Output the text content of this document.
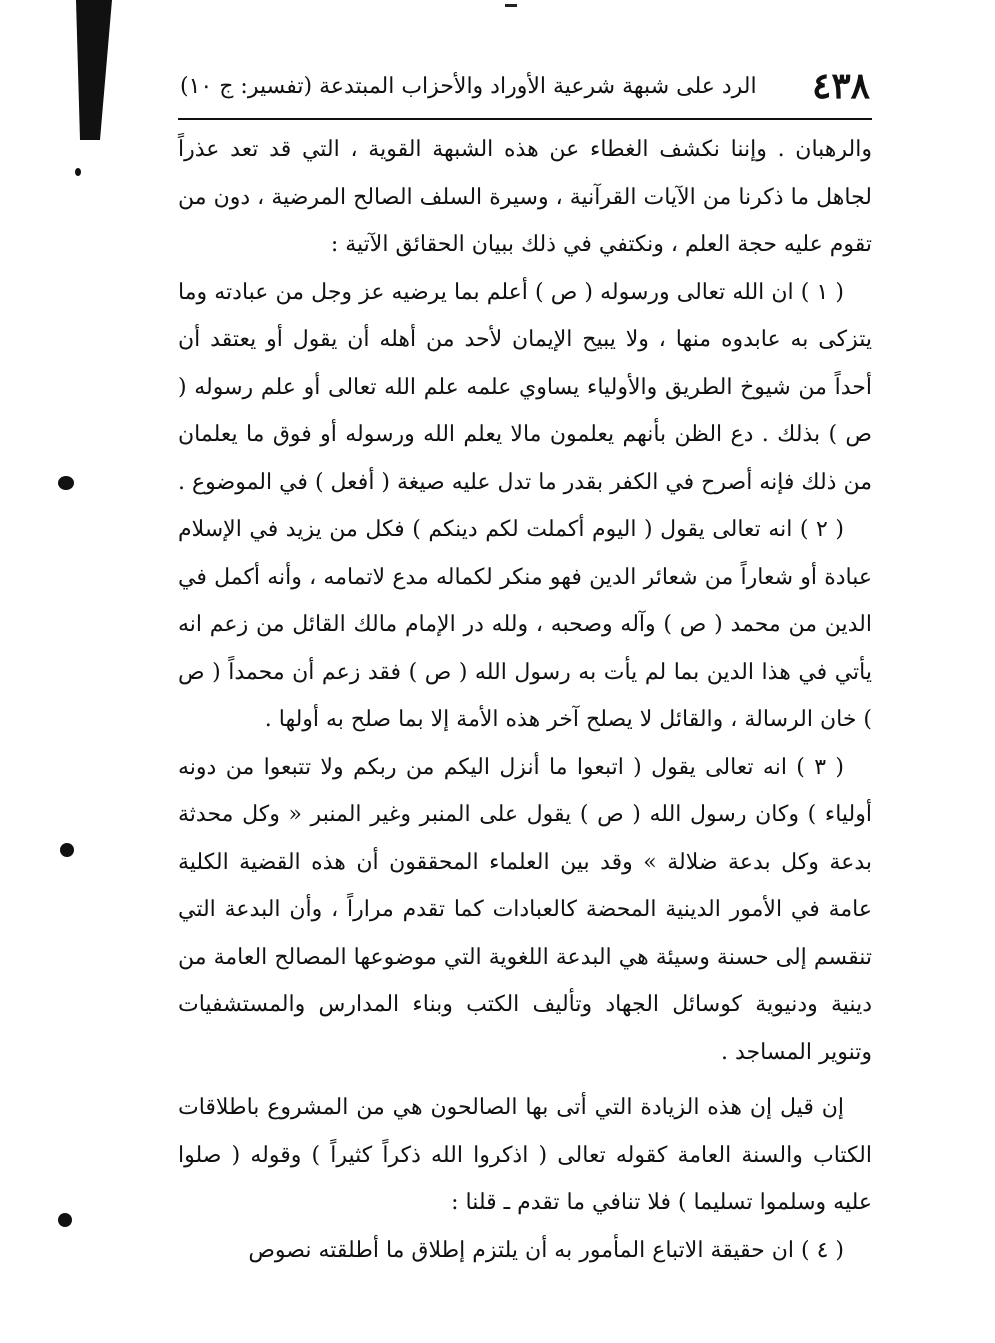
٤٣٨
الرد على شبهة شرعية الأوراد والأحزاب المبتدعة (تفسير: ج ١٠)

والرهبان . وإننا نكشف الغطاء عن هذه الشبهة القوية ، التي قد تعد عذراً لجاهل ما ذكرنا من الآيات القرآنية ، وسيرة السلف الصالح المرضية ، دون من تقوم عليه حجة العلم ، ونكتفي في ذلك ببيان الحقائق الآتية :

( ١ ) ان الله تعالى ورسوله ( ص ) أعلم بما يرضيه عز وجل من عبادته وما يتزكى به عابدوه منها ، ولا يبيح الإيمان لأحد من أهله أن يقول أو يعتقد أن أحداً من شيوخ الطريق والأولياء يساوي علمه علم الله تعالى أو علم رسوله ( ص ) بذلك . دع الظن بأنهم يعلمون مالا يعلم الله ورسوله أو فوق ما يعلمان من ذلك فإنه أصرح في الكفر بقدر ما تدل عليه صيغة ( أفعل ) في الموضوع .

( ٢ ) انه تعالى يقول ( اليوم أكملت لكم دينكم ) فكل من يزيد في الإسلام عبادة أو شعاراً من شعائر الدين فهو منكر لكماله مدع لاتمامه ، وأنه أكمل في الدين من محمد ( ص ) وآله وصحبه ، ولله در الإمام مالك القائل من زعم انه يأتي في هذا الدين بما لم يأت به رسول الله ( ص ) فقد زعم أن محمداً ( ص ) خان الرسالة ، والقائل لا يصلح آخر هذه الأمة إلا بما صلح به أولها .

( ٣ ) انه تعالى يقول ( اتبعوا ما أنزل اليكم من ربكم ولا تتبعوا من دونه أولياء ) وكان رسول الله ( ص ) يقول على المنبر وغير المنبر « وكل محدثة بدعة وكل بدعة ضلالة » وقد بين العلماء المحققون أن هذه القضية الكلية عامة في الأمور الدينية المحضة كالعبادات كما تقدم مراراً ، وأن البدعة التي تنقسم إلى حسنة وسيئة هي البدعة اللغوية التي موضوعها المصالح العامة من دينية ودنيوية كوسائل الجهاد وتأليف الكتب وبناء المدارس والمستشفيات وتنوير المساجد .

إن قيل إن هذه الزيادة التي أتى بها الصالحون هي من المشروع باطلاقات الكتاب والسنة العامة كقوله تعالى ( اذكروا الله ذكراً كثيراً ) وقوله ( صلوا عليه وسلموا تسليما ) فلا تنافي ما تقدم ـ قلنا :

( ٤ ) ان حقيقة الاتباع المأمور به أن يلتزم إطلاق ما أطلقته نصوص
